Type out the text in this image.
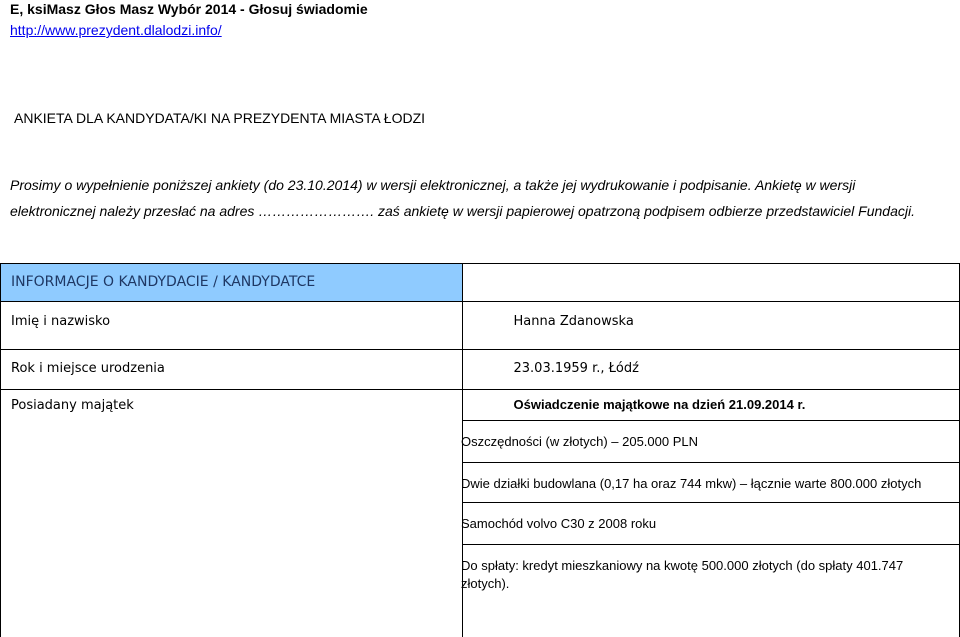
E, ksiMasz Głos Masz Wybór 2014 - Głosuj świadomie
http://www.prezydent.dlalodzi.info/
ANKIETA DLA KANDYDATA/KI NA PREZYDENTA MIASTA ŁODZI
Prosimy o wypełnienie poniższej ankiety (do 23.10.2014) w wersji elektronicznej, a także jej wydrukowanie i podpisanie. Ankietę w wersji
elektronicznej należy przesłać na adres ……………………. zaś ankietę w wersji papierowej opatrzoną podpisem odbierze przedstawiciel Fundacji.
INFORMACJE O KANDYDACIE / KANDYDATCE	
Imię i nazwisko	Hanna Zdanowska
Rok i miejsce urodzenia	23.03.1959 r., Łódź
Posiadany majątek	Oświadczenie majątkowe na dzień 21.09.2014 r.
Oszczędności (w złotych) – 205.000 PLN
Dwie działki budowlana (0,17 ha oraz 744 mkw) – łącznie warte 800.000 złotych
Samochód volvo C30 z 2008 roku
Do spłaty: kredyt mieszkaniowy na kwotę 500.000 złotych (do spłaty 401.747 złotych).
